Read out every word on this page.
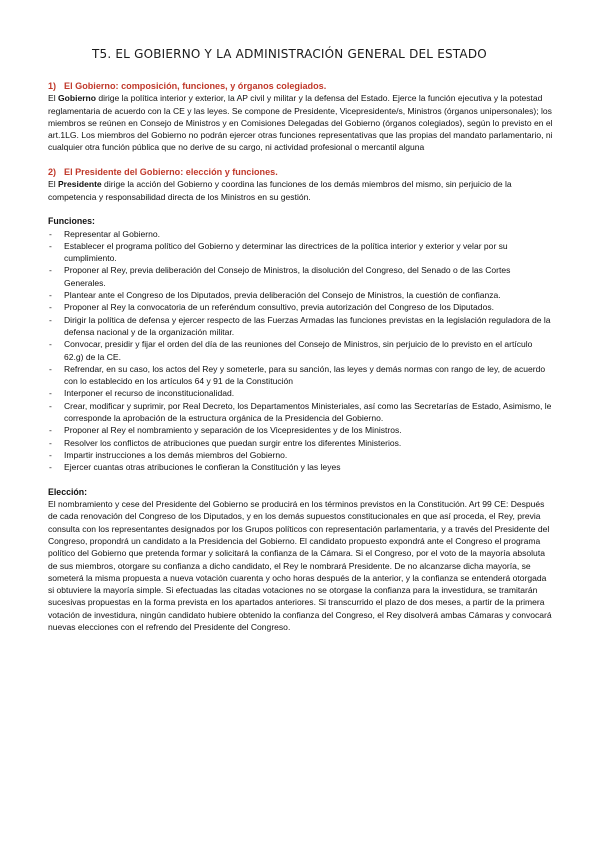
T5. EL GOBIERNO Y LA ADMINISTRACIÓN GENERAL DEL ESTADO
1) El Gobierno: composición, funciones, y órganos colegiados.

El Gobierno dirige la política interior y exterior, la AP civil y militar y la defensa del Estado. Ejerce la función ejecutiva y la potestad reglamentaria de acuerdo con la CE y las leyes. Se compone de Presidente, Vicepresidente/s, Ministros (órganos unipersonales); los miembros se reúnen en Consejo de Ministros y en Comisiones Delegadas del Gobierno (órganos colegiados), según lo previsto en el art.1LG. Los miembros del Gobierno no podrán ejercer otras funciones representativas que las propias del mandato parlamentario, ni cualquier otra función pública que no derive de su cargo, ni actividad profesional o mercantil alguna

2) El Presidente del Gobierno: elección y funciones.

El Presidente dirige la acción del Gobierno y coordina las funciones de los demás miembros del mismo, sin perjuicio de la competencia y responsabilidad directa de los Ministros en su gestión.

Funciones:

- Representar al Gobierno.
- Establecer el programa político del Gobierno y determinar las directrices de la política interior y exterior y velar por su cumplimiento.
- Proponer al Rey, previa deliberación del Consejo de Ministros, la disolución del Congreso, del Senado o de las Cortes Generales.
- Plantear ante el Congreso de los Diputados, previa deliberación del Consejo de Ministros, la cuestión de confianza.
- Proponer al Rey la convocatoria de un referéndum consultivo, previa autorización del Congreso de los Diputados.
- Dirigir la política de defensa y ejercer respecto de las Fuerzas Armadas las funciones previstas en la legislación reguladora de la defensa nacional y de la organización militar.
- Convocar, presidir y fijar el orden del día de las reuniones del Consejo de Ministros, sin perjuicio de lo previsto en el artículo 62.g) de la CE.
- Refrendar, en su caso, los actos del Rey y someterle, para su sanción, las leyes y demás normas con rango de ley, de acuerdo con lo establecido en los artículos 64 y 91 de la Constitución
- Interponer el recurso de inconstitucionalidad.
- Crear, modificar y suprimir, por Real Decreto, los Departamentos Ministeriales, así como las Secretarías de Estado, Asimismo, le corresponde la aprobación de la estructura orgánica de la Presidencia del Gobierno.
- Proponer al Rey el nombramiento y separación de los Vicepresidentes y de los Ministros.
- Resolver los conflictos de atribuciones que puedan surgir entre los diferentes Ministerios.
- Impartir instrucciones a los demás miembros del Gobierno.
- Ejercer cuantas otras atribuciones le confieran la Constitución y las leyes

Elección:

El nombramiento y cese del Presidente del Gobierno se producirá en los términos previstos en la Constitución. Art 99 CE: Después de cada renovación del Congreso de los Diputados, y en los demás supuestos constitucionales en que así proceda, el Rey, previa consulta con los representantes designados por los Grupos políticos con representación parlamentaria, y a través del Presidente del Congreso, propondrá un candidato a la Presidencia del Gobierno. El candidato propuesto expondrá ante el Congreso el programa político del Gobierno que pretenda formar y solicitará la confianza de la Cámara. Si el Congreso, por el voto de la mayoría absoluta de sus miembros, otorgare su confianza a dicho candidato, el Rey le nombrará Presidente. De no alcanzarse dicha mayoría, se someterá la misma propuesta a nueva votación cuarenta y ocho horas después de la anterior, y la confianza se entenderá otorgada si obtuviere la mayoría simple. Si efectuadas las citadas votaciones no se otorgase la confianza para la investidura, se tramitarán sucesivas propuestas en la forma prevista en los apartados anteriores. Si transcurrido el plazo de dos meses, a partir de la primera votación de investidura, ningún candidato hubiere obtenido la confianza del Congreso, el Rey disolverá ambas Cámaras y convocará nuevas elecciones con el refrendo del Presidente del Congreso.
